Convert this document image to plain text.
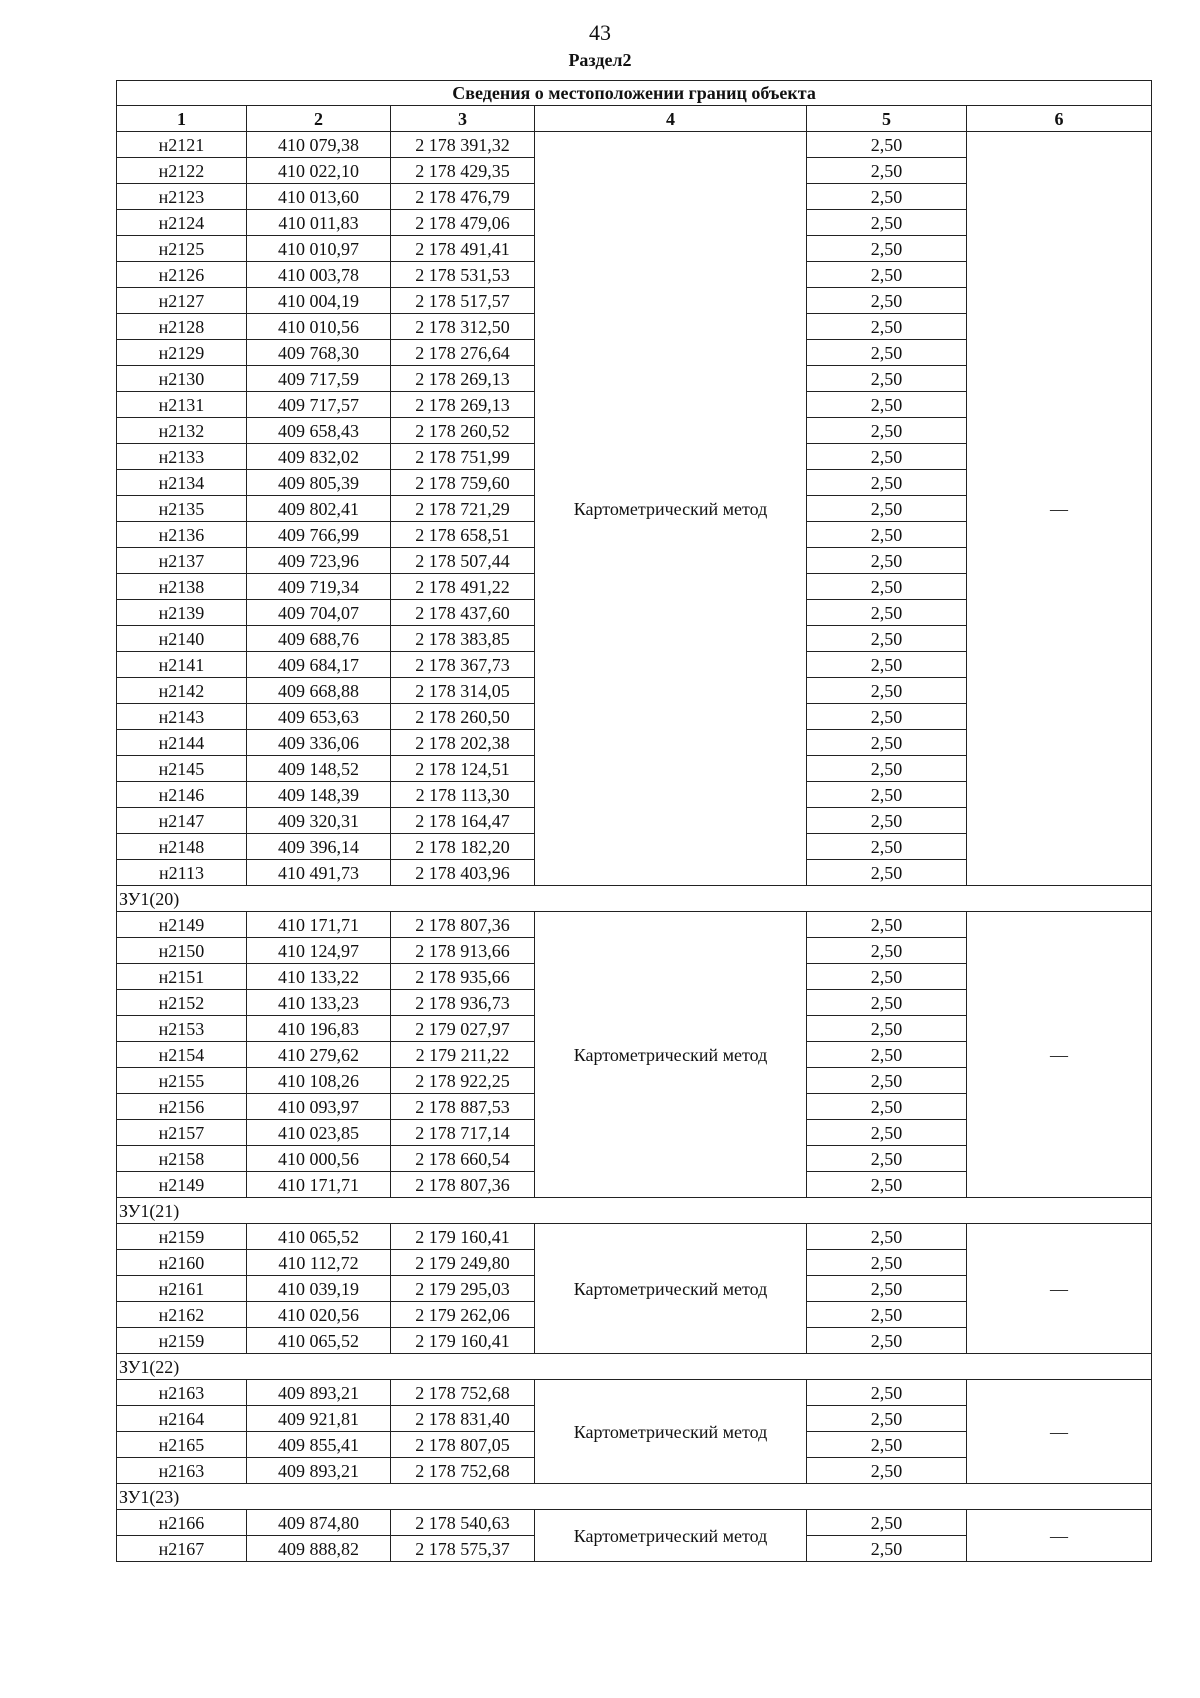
43
Раздел2
Сведения о местоположении границ объекта					
1	2	3	4	5	6
н2121	410 079,38	2 178 391,32	Картометрический метод	2,50	—
н2122	410 022,10	2 178 429,35		2,50	
н2123	410 013,60	2 178 476,79		2,50	
н2124	410 011,83	2 178 479,06		2,50	
н2125	410 010,97	2 178 491,41		2,50	
н2126	410 003,78	2 178 531,53		2,50	
н2127	410 004,19	2 178 517,57		2,50	
н2128	410 010,56	2 178 312,50		2,50	
н2129	409 768,30	2 178 276,64		2,50	
н2130	409 717,59	2 178 269,13		2,50	
н2131	409 717,57	2 178 269,13		2,50	
н2132	409 658,43	2 178 260,52		2,50	
н2133	409 832,02	2 178 751,99		2,50	
н2134	409 805,39	2 178 759,60		2,50	
н2135	409 802,41	2 178 721,29		2,50	
н2136	409 766,99	2 178 658,51		2,50	
н2137	409 723,96	2 178 507,44		2,50	
н2138	409 719,34	2 178 491,22		2,50	
н2139	409 704,07	2 178 437,60		2,50	
н2140	409 688,76	2 178 383,85		2,50	
н2141	409 684,17	2 178 367,73		2,50	
н2142	409 668,88	2 178 314,05		2,50	
н2143	409 653,63	2 178 260,50		2,50	
н2144	409 336,06	2 178 202,38		2,50	
н2145	409 148,52	2 178 124,51		2,50	
н2146	409 148,39	2 178 113,30		2,50	
н2147	409 320,31	2 178 164,47		2,50	
н2148	409 396,14	2 178 182,20		2,50	
н2113	410 491,73	2 178 403,96		2,50	
ЗУ1(20)					
н2149	410 171,71	2 178 807,36	Картометрический метод	2,50	—
н2150	410 124,97	2 178 913,66		2,50	
н2151	410 133,22	2 178 935,66		2,50	
н2152	410 133,23	2 178 936,73		2,50	
н2153	410 196,83	2 179 027,97		2,50	
н2154	410 279,62	2 179 211,22		2,50	
н2155	410 108,26	2 178 922,25		2,50	
н2156	410 093,97	2 178 887,53		2,50	
н2157	410 023,85	2 178 717,14		2,50	
н2158	410 000,56	2 178 660,54		2,50	
н2149	410 171,71	2 178 807,36		2,50	
ЗУ1(21)					
н2159	410 065,52	2 179 160,41	Картометрический метод	2,50	—
н2160	410 112,72	2 179 249,80		2,50	
н2161	410 039,19	2 179 295,03		2,50	
н2162	410 020,56	2 179 262,06		2,50	
н2159	410 065,52	2 179 160,41		2,50	
ЗУ1(22)					
н2163	409 893,21	2 178 752,68	Картометрический метод	2,50	—
н2164	409 921,81	2 178 831,40		2,50	
н2165	409 855,41	2 178 807,05		2,50	
н2163	409 893,21	2 178 752,68		2,50	
ЗУ1(23)					
н2166	409 874,80	2 178 540,63	Картометрический метод	2,50	—
н2167	409 888,82	2 178 575,37		2,50	
